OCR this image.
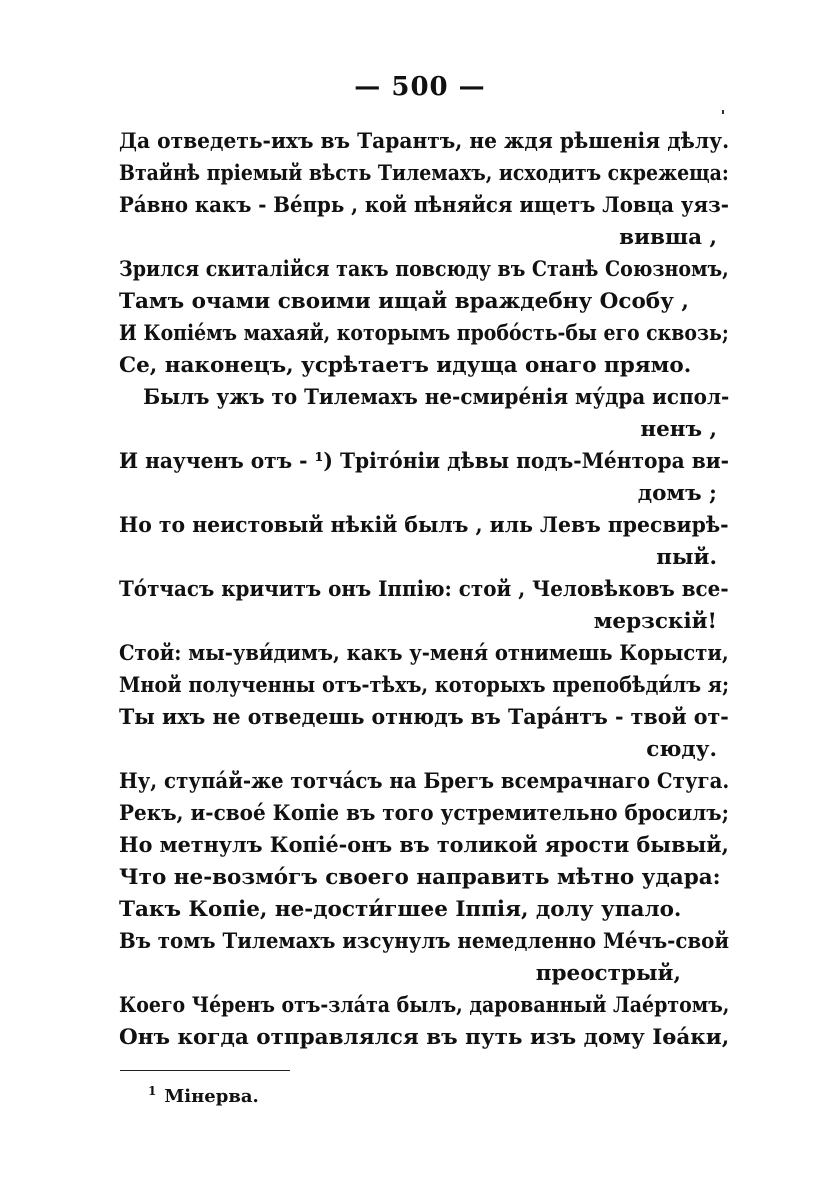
— 500 —
Да отведеть-ихъ въ Тарантъ, не ждя рѣшенія дѣлу.
Втайнѣ пріемый вѣсть Тилемахъ, исходитъ скрежеща:
Ра́вно какъ - Ве́прь , кой пѣняйся ищетъ Ловца уяз-
вивша ,
Зрился скиталійся такъ повсюду въ Станѣ Союзномъ,
Тамъ очами своими ищай враждебну Особу ,
И Копіе́мъ махаяй, которымъ пробо́сть-бы его сквозь;
Се, наконецъ, усрѣтаетъ идуща онаго прямо.
Былъ ужъ то Тилемахъ не-смире́нія му́дра испол-
ненъ ,
И наученъ отъ - ¹) Тріто́ніи дѣвы подъ-Ме́нтора ви-
домъ ;
Но то неистовый нѣкій былъ , иль Левъ пресвирѣ-
пый.
То́тчасъ кричитъ онъ Іппію: стой , Человѣковъ все-
мерзскій!
Стой: мы-уви́димъ, какъ у-меня́ отнимешь Корысти,
Мной полученны отъ-тѣхъ, которыхъ препобѣди́лъ я;
Ты ихъ не отведешь отнюдъ въ Тара́нтъ - твой от-
сюду.
Ну, ступа́й-же тотча́съ на Брегъ всемрачнаго Стуга.
Рекъ, и-свое́ Копіе въ того устремительно бросилъ;
Но метнулъ Копіе́-онъ въ толикой ярости бывый,
Что не-возмо́гъ своего направить мѣтно удара:
Такъ Копіе, не-дости́гшее Іппія, долу упало.
Въ томъ Тилемахъ изсунулъ немедленно Ме́чъ-свой
преострый,
Коего Че́ренъ отъ-зла́та былъ, дарованный Лае́ртомъ,
Онъ когда отправлялся въ путь изъ дому Іѳа́ки,
$^1$ Мінерва.
